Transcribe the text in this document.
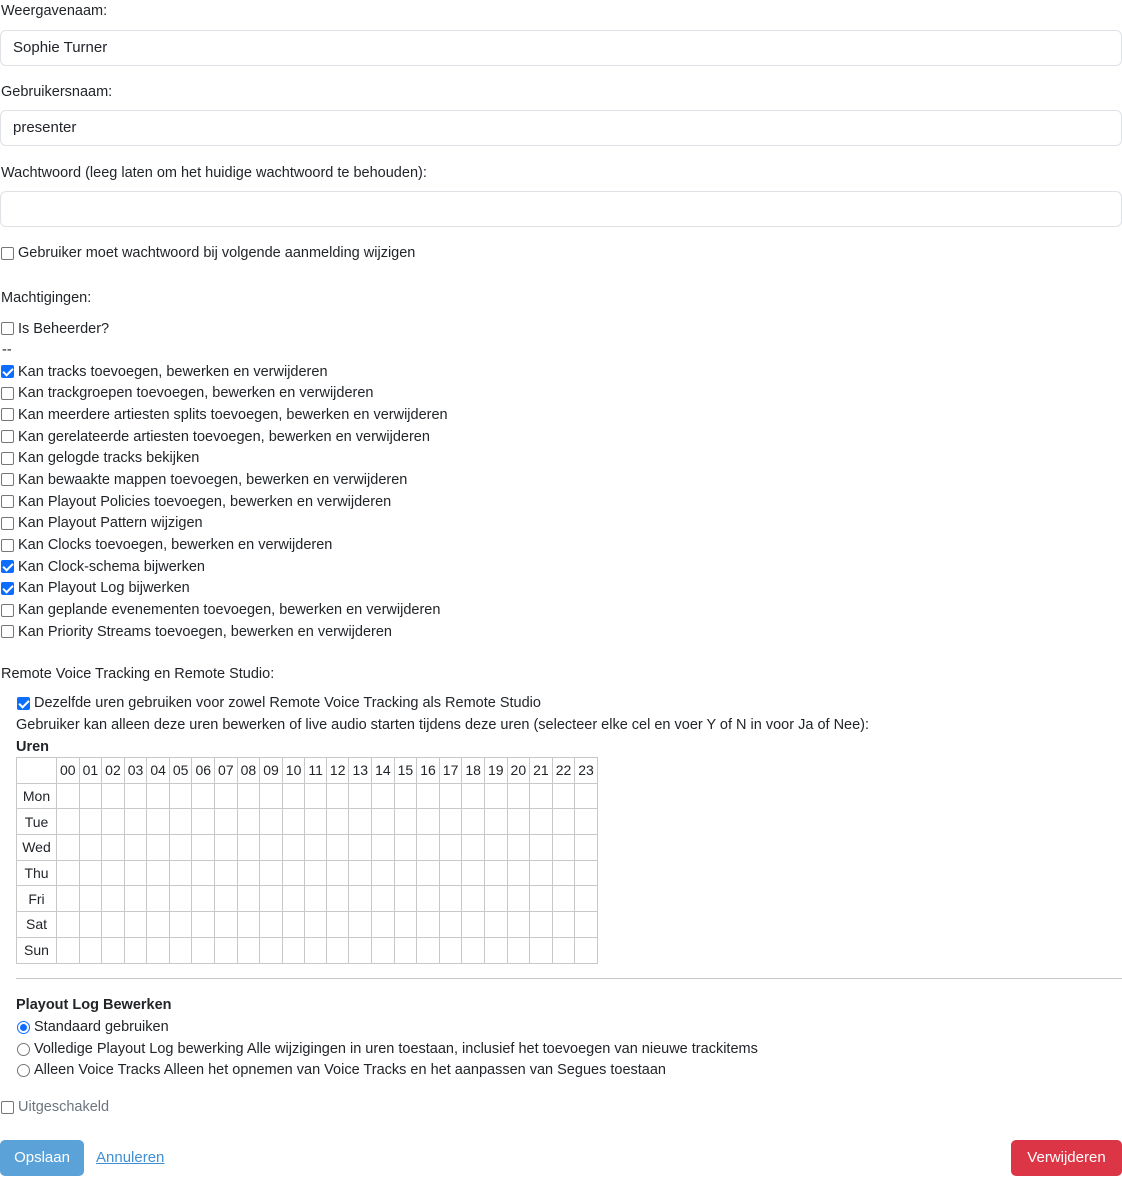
Weergavenaam:
Sophie Turner
Gebruikersnaam:
presenter
Wachtwoord (leeg laten om het huidige wachtwoord te behouden):
Gebruiker moet wachtwoord bij volgende aanmelding wijzigen
Machtigingen:
Is Beheerder?
--
Kan tracks toevoegen, bewerken en verwijderen
Kan trackgroepen toevoegen, bewerken en verwijderen
Kan meerdere artiesten splits toevoegen, bewerken en verwijderen
Kan gerelateerde artiesten toevoegen, bewerken en verwijderen
Kan gelogde tracks bekijken
Kan bewaakte mappen toevoegen, bewerken en verwijderen
Kan Playout Policies toevoegen, bewerken en verwijderen
Kan Playout Pattern wijzigen
Kan Clocks toevoegen, bewerken en verwijderen
Kan Clock-schema bijwerken
Kan Playout Log bijwerken
Kan geplande evenementen toevoegen, bewerken en verwijderen
Kan Priority Streams toevoegen, bewerken en verwijderen
Remote Voice Tracking en Remote Studio:
Dezelfde uren gebruiken voor zowel Remote Voice Tracking als Remote Studio
Gebruiker kan alleen deze uren bewerken of live audio starten tijdens deze uren (selecteer elke cel en voer Y of N in voor Ja of Nee):
Uren
	00	01	02	03	04	05	06	07	08	09	10	11	12	13	14	15	16	17	18	19	20	21	22	23
Mon																								
Tue																								
Wed																								
Thu																								
Fri																								
Sat																								
Sun																								
Playout Log Bewerken
Standaard gebruiken
Volledige Playout Log bewerking Alle wijzigingen in uren toestaan, inclusief het toevoegen van nieuwe trackitems
Alleen Voice Tracks Alleen het opnemen van Voice Tracks en het aanpassen van Segues toestaan
Uitgeschakeld
Opslaan	Annuleren	Verwijderen
